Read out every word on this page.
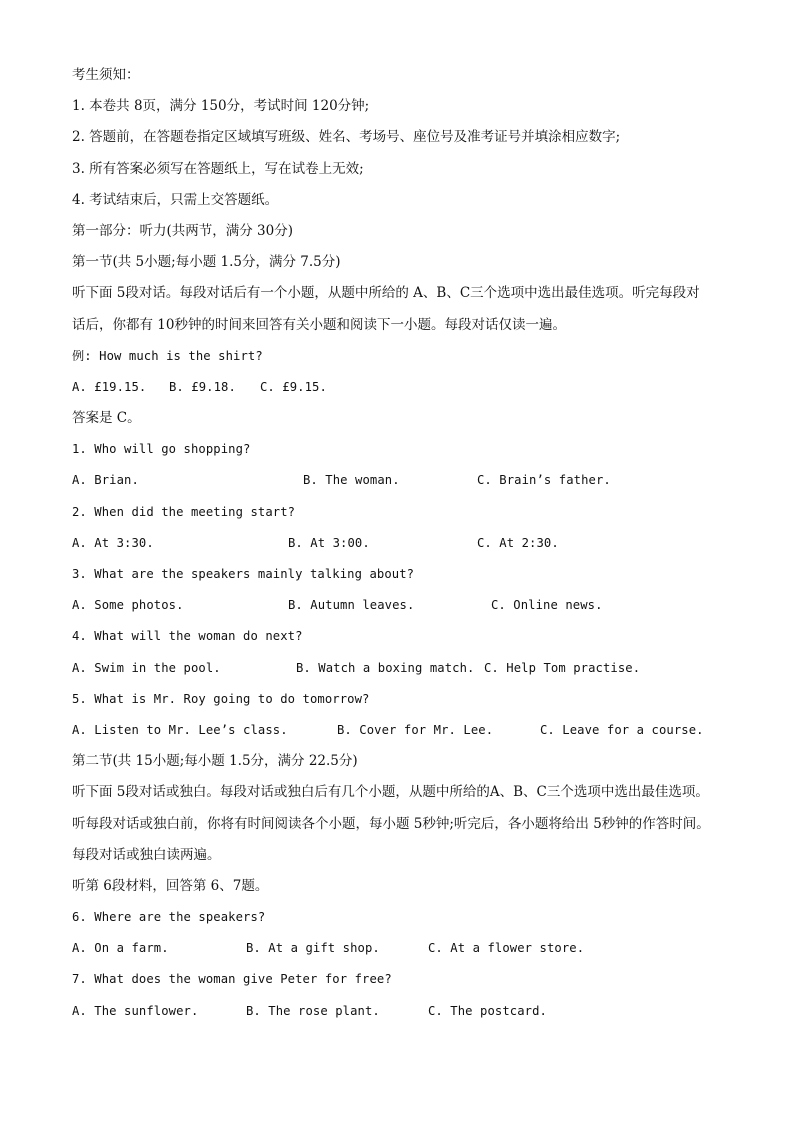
考生须知：
1. 本卷共 8页，满分 150分，考试时间 120分钟;
2. 答题前，在答题卷指定区域填写班级、姓名、考场号、座位号及准考证号并填涂相应数字;
3. 所有答案必须写在答题纸上，写在试卷上无效;
4. 考试结束后，只需上交答题纸。
第一部分：听力(共两节，满分 30分)
第一节(共 5小题;每小题 1.5分，满分 7.5分)
听下面 5段对话。每段对话后有一个小题，从题中所给的 A、B、C三个选项中选出最佳选项。听完每段对
话后，你都有 10秒钟的时间来回答有关小题和阅读下一小题。每段对话仅读一遍。
例: How much is the shirt?
A. £19.15. B. £9.18. C. £9.15.
答案是 C。
1. Who will go shopping?
A. Brian.	B. The woman.	C. Brain’s father.
2. When did the meeting start?
A. At 3:30.	B. At 3:00.	C. At 2:30.
3. What are the speakers mainly talking about?
A. Some photos.	B. Autumn leaves.	C. Online news.
4. What will the woman do next?
A. Swim in the pool.	B. Watch a boxing match. C. Help Tom practise.
5. What is Mr. Roy going to do tomorrow?
A. Listen to Mr. Lee’s class.	B. Cover for Mr. Lee.	C. Leave for a course.
第二节(共 15小题;每小题 1.5分，满分 22.5分)
听下面 5段对话或独白。每段对话或独白后有几个小题，从题中所给的A、B、C三个选项中选出最佳选项。
听每段对话或独白前，你将有时间阅读各个小题，每小题 5秒钟;听完后，各小题将给出 5秒钟的作答时间。
每段对话或独白读两遍。
听第 6段材料，回答第 6、7题。
6. Where are the speakers?
A. On a farm.	B. At a gift shop.	C. At a flower store.
7. What does the woman give Peter for free?
A. The sunflower.	B. The rose plant.	C. The postcard.
